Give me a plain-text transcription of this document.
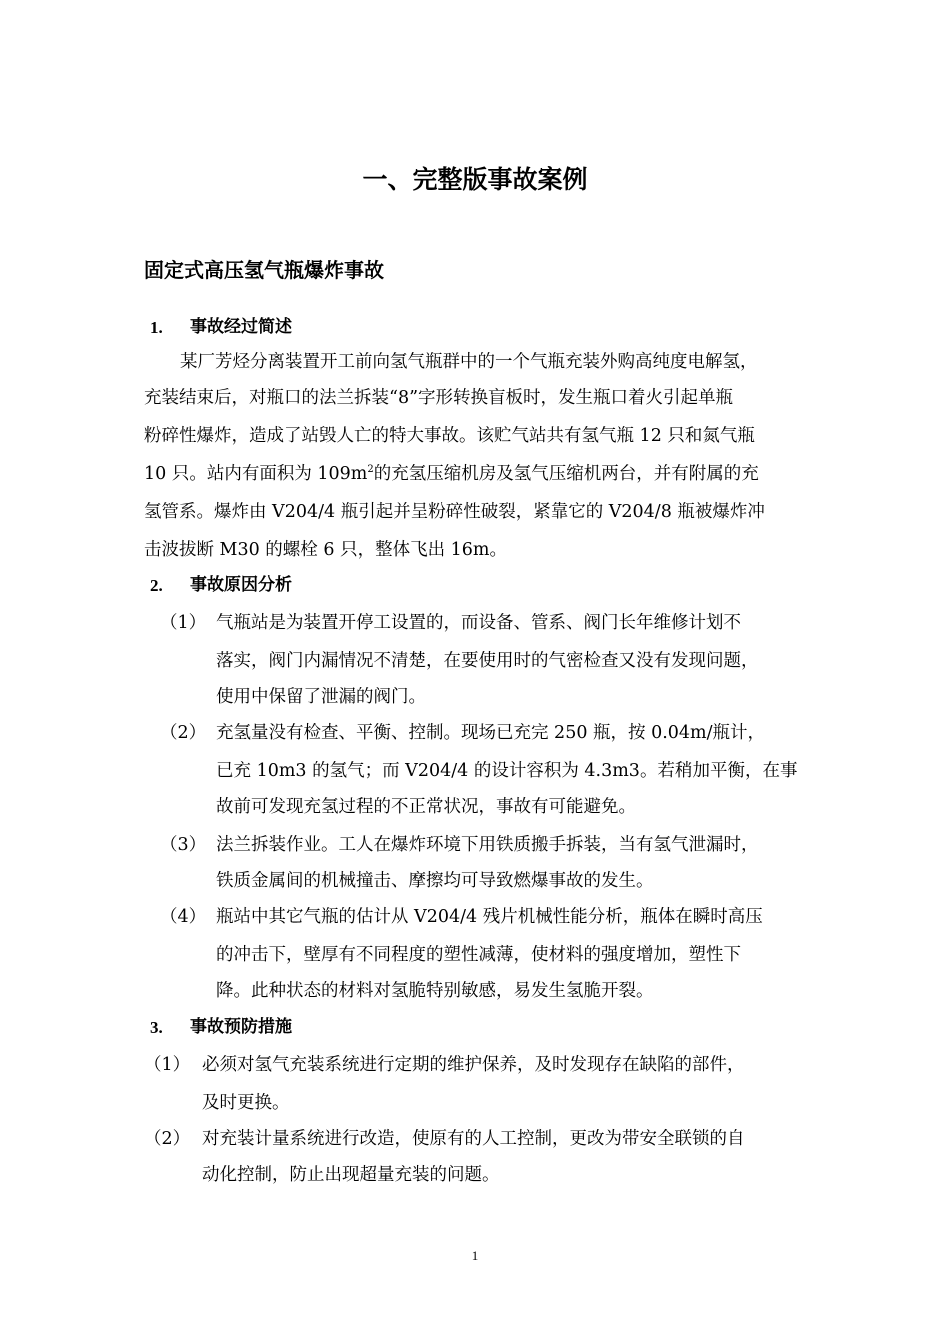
一、完整版事故案例
固定式高压氢气瓶爆炸事故
1. 事故经过简述
某厂芳烃分离装置开工前向氢气瓶群中的一个气瓶充装外购高纯度电解氢，
充装结束后，对瓶口的法兰拆装“8”字形转换盲板时，发生瓶口着火引起单瓶
粉碎性爆炸，造成了站毁人亡的特大事故。该贮气站共有氢气瓶 12 只和氮气瓶
10 只。站内有面积为 $109m^2$的充氢压缩机房及氢气压缩机两台，并有附属的充
氢管系。爆炸由 V204/4 瓶引起并呈粉碎性破裂，紧靠它的 V204/8 瓶被爆炸冲
击波拔断 M30 的螺栓 6 只，整体飞出 16m。
2. 事故原因分析
（1） 气瓶站是为装置开停工设置的，而设备、管系、阀门长年维修计划不
落实，阀门内漏情况不清楚，在要使用时的气密检查又没有发现问题，
使用中保留了泄漏的阀门。
（2） 充氢量没有检查、平衡、控制。现场已充完 250 瓶，按 0.04m/瓶计，
已充 10m3 的氢气；而 V204/4 的设计容积为 4.3m3。若稍加平衡，在事
故前可发现充氢过程的不正常状况，事故有可能避免。
（3） 法兰拆装作业。工人在爆炸环境下用铁质搬手拆装，当有氢气泄漏时，
铁质金属间的机械撞击、摩擦均可导致燃爆事故的发生。
（4） 瓶站中其它气瓶的估计从 V204/4 残片机械性能分析，瓶体在瞬时高压
的冲击下，壁厚有不同程度的塑性减薄，使材料的强度增加，塑性下
降。此种状态的材料对氢脆特别敏感，易发生氢脆开裂。
3. 事故预防措施
（1） 必须对氢气充装系统进行定期的维护保养，及时发现存在缺陷的部件，
及时更换。
（2） 对充装计量系统进行改造，使原有的人工控制，更改为带安全联锁的自
动化控制，防止出现超量充装的问题。
1
